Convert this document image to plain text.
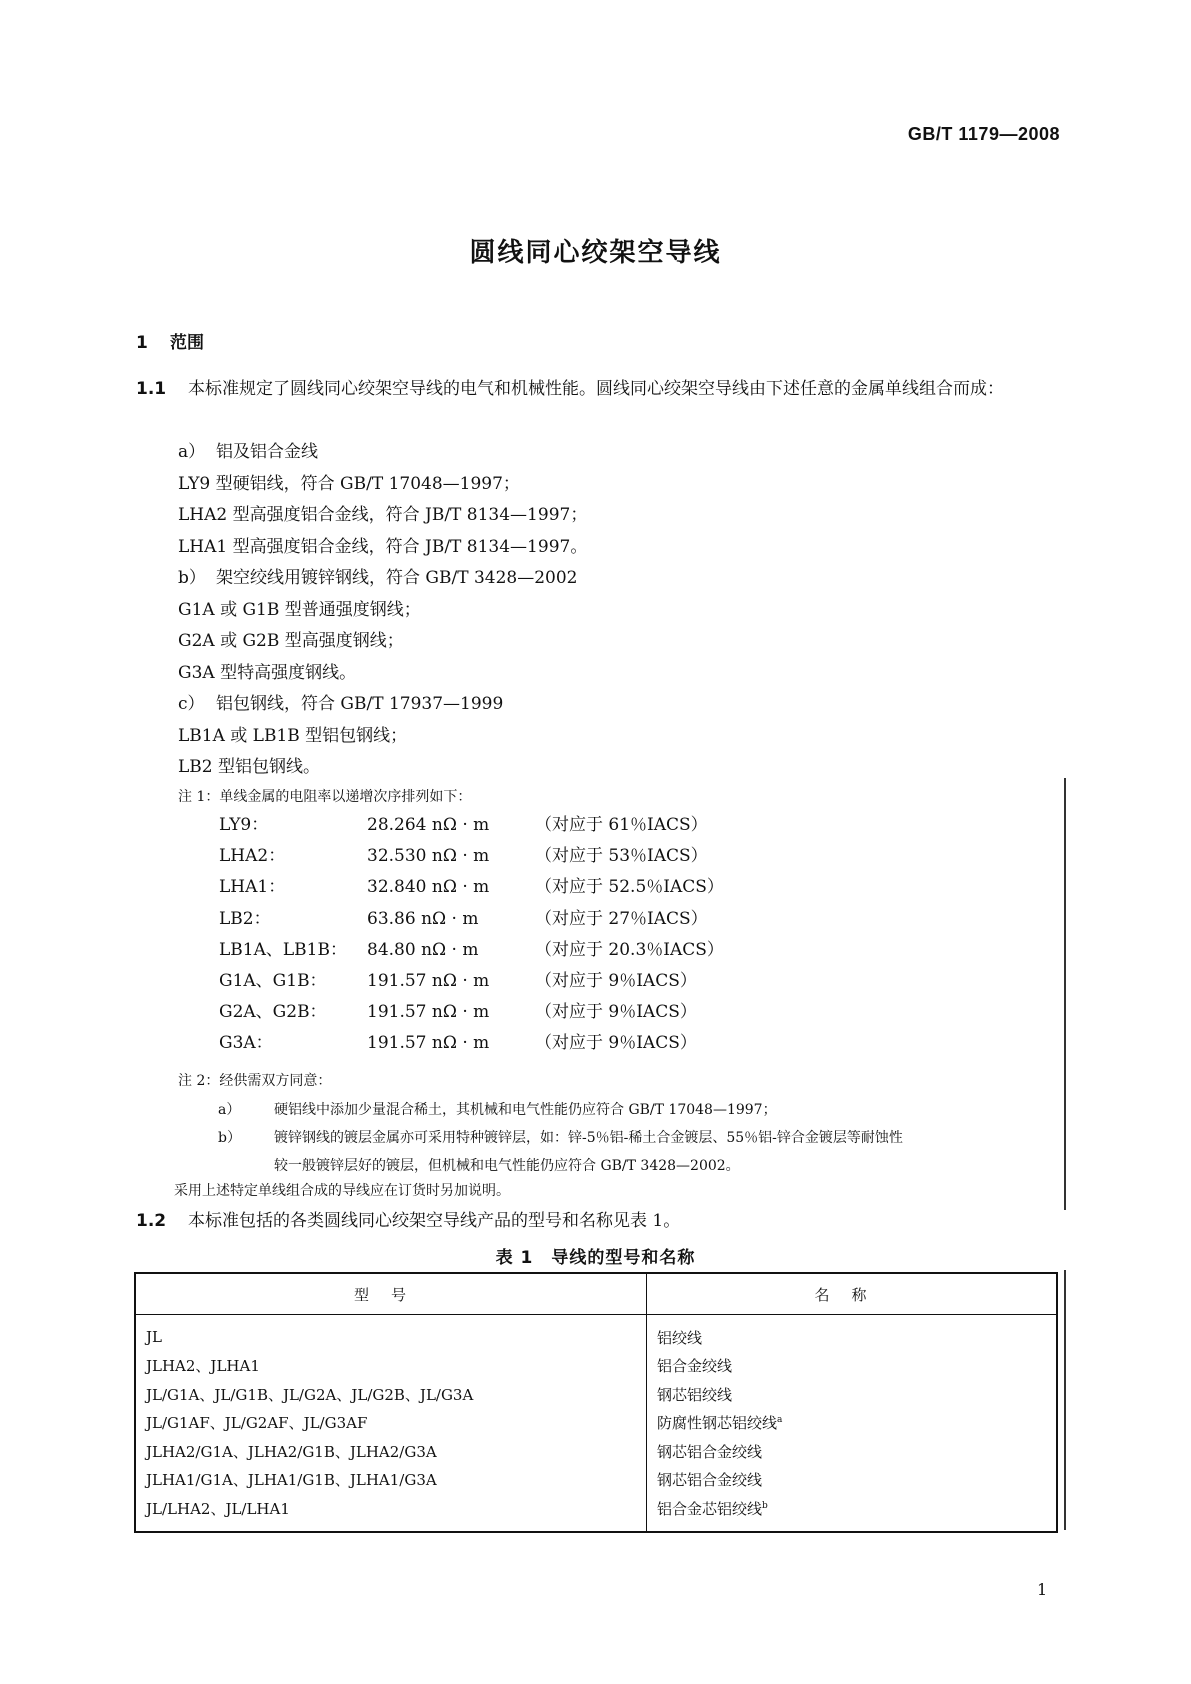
GB/T 1179—2008
圆线同心绞架空导线
1 范围
1.1 本标准规定了圆线同心绞架空导线的电气和机械性能。圆线同心绞架空导线由下述任意的金属单线组合而成：
a） 铝及铝合金线
LY9 型硬铝线，符合 GB/T 17048—1997；
LHA2 型高强度铝合金线，符合 JB/T 8134—1997；
LHA1 型高强度铝合金线，符合 JB/T 8134—1997。
b） 架空绞线用镀锌钢线，符合 GB/T 3428—2002
G1A 或 G1B 型普通强度钢线；
G2A 或 G2B 型高强度钢线；
G3A 型特高强度钢线。
c） 铝包钢线，符合 GB/T 17937—1999
LB1A 或 LB1B 型铝包钢线；
LB2 型铝包钢线。
注 1：单线金属的电阻率以递增次序排列如下：
LY9：	28.264 nΩ · m	（对应于 61％IACS）
LHA2：	32.530 nΩ · m	（对应于 53％IACS）
LHA1：	32.840 nΩ · m	（对应于 52.5％IACS）
LB2：	63.86 nΩ · m	（对应于 27％IACS）
LB1A、LB1B： 84.80 nΩ · m	（对应于 20.3％IACS）
G1A、G1B： 191.57 nΩ · m	（对应于 9％IACS）
G2A、G2B： 191.57 nΩ · m	（对应于 9％IACS）
G3A：	191.57 nΩ · m	（对应于 9％IACS）
注 2：经供需双方同意：
a） 硬铝线中添加少量混合稀土，其机械和电气性能仍应符合 GB/T 17048—1997；
b） 镀锌钢线的镀层金属亦可采用特种镀锌层，如：锌-5％铝-稀土合金镀层、55％铝-锌合金镀层等耐蚀性
较一般镀锌层好的镀层，但机械和电气性能仍应符合 GB/T 3428—2002。
采用上述特定单线组合成的导线应在订货时另加说明。
1.2 本标准包括的各类圆线同心绞架空导线产品的型号和名称见表 1。
表 1　导线的型号和名称
型号	名称
JL	铝绞线
JLHA2、JLHA1	铝合金绞线
JL/G1A、JL/G1B、JL/G2A、JL/G2B、JL/G3A	钢芯铝绞线
JL/G1AF、JL/G2AF、JL/G3AF	防腐性钢芯铝绞线$^a$
JLHA2/G1A、JLHA2/G1B、JLHA2/G3A	钢芯铝合金绞线
JLHA1/G1A、JLHA1/G1B、JLHA1/G3A	钢芯铝合金绞线
JL/LHA2、JL/LHA1	铝合金芯铝绞线$^b$
1
